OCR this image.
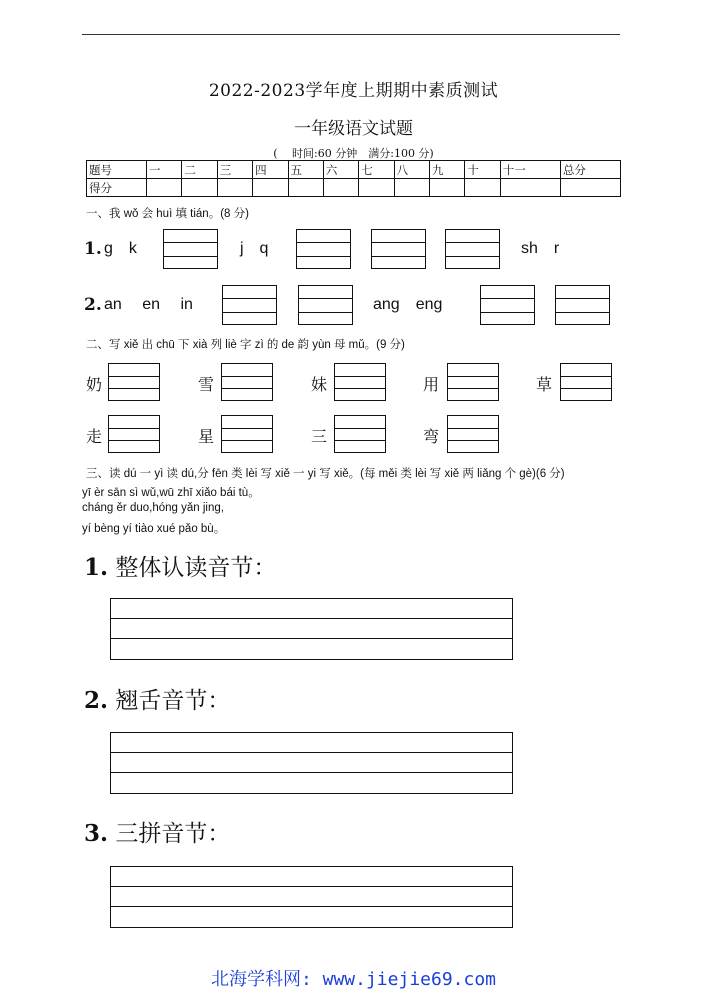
2022-2023学年度上期期中素质测试
一年级语文试题
(　 时间:60 分钟　满分:100 分)
题号	一	二	三	四	五	六	七	八	九	十	十一	总分
得分												
一、我 wǒ 会 huì 填 tián。(8 分)
1. g k	j q	sh r
2. an  en  in	ang eng
二、写 xiě 出 chū 下 xià 列 liè 字 zì 的 de 韵 yùn 母 mǔ。(9 分)
奶	雪	妹	用	草
走	星	三	弯
三、读 dú 一 yì 读 dú,分 fēn 类 lèi 写 xiě 一 yi 写 xiě。(每 měi 类 lèi 写 xiě 两 liǎng 个 gè)(6 分)
yī èr sān sì wǔ,wū zhī xiǎo bái tù。
cháng ěr duo,hóng yǎn jing,
yí bèng yí tiào xué pǎo bù。
1. 整体认读音节：
2. 翘舌音节：
3. 三拼音节：
北海学科网: www.jiejie69.com
